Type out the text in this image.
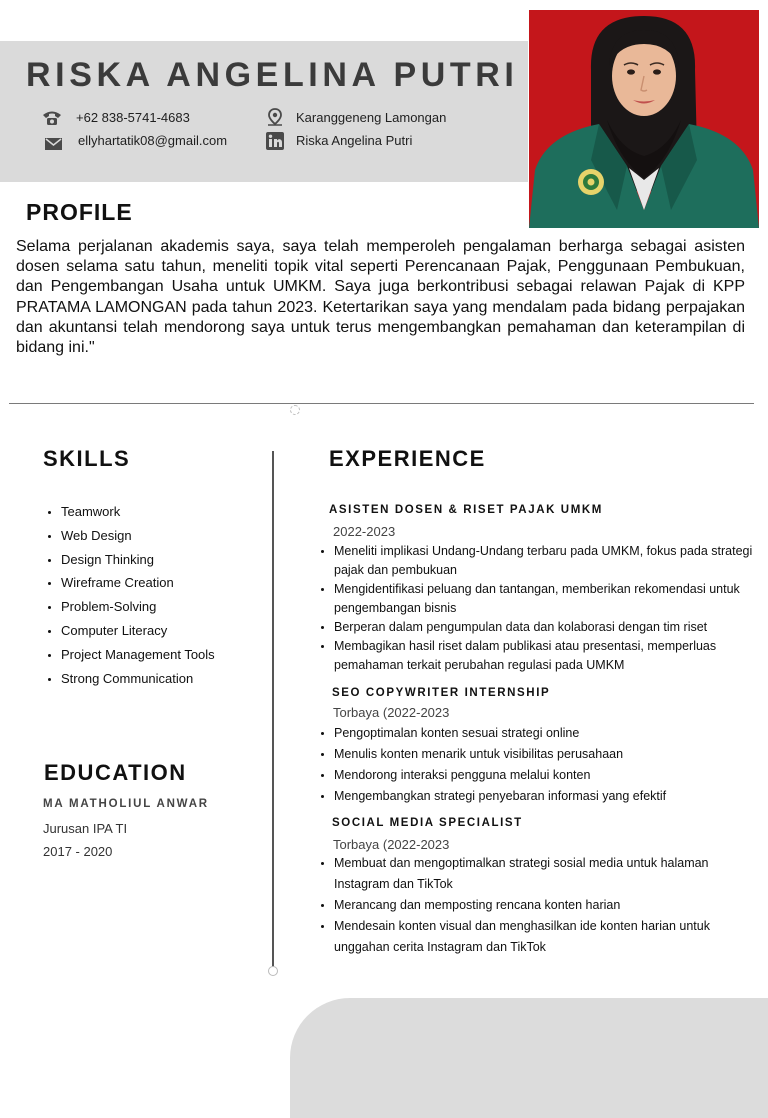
RISKA ANGELINA PUTRI
+62 838-5741-4683
ellyhartatik08@gmail.com
Karanggeneng Lamongan
Riska Angelina Putri
PROFILE

Selama perjalanan akademis saya, saya telah memperoleh pengalaman berharga sebagai asisten dosen selama satu tahun, meneliti topik vital seperti Perencanaan Pajak, Penggunaan Pembukuan, dan Pengembangan Usaha untuk UMKM. Saya juga berkontribusi sebagai relawan Pajak di KPP PRATAMA LAMONGAN pada tahun 2023. Ketertarikan saya yang mendalam pada bidang perpajakan dan akuntansi telah mendorong saya untuk terus mengembangkan pemahaman dan keterampilan di bidang ini."

SKILLS
• Teamwork
• Web Design
• Design Thinking
• Wireframe Creation
• Problem-Solving
• Computer Literacy
• Project Management Tools
• Strong Communication
EDUCATION
MA MATHOLIUL ANWAR
Jurusan IPA TI
2017 - 2020
EXPERIENCE
ASISTEN DOSEN & RISET PAJAK UMKM
2022-2023
• Meneliti implikasi Undang-Undang terbaru pada UMKM, fokus pada strategi pajak dan pembukuan
• Mengidentifikasi peluang dan tantangan, memberikan rekomendasi untuk pengembangan bisnis
• Berperan dalam pengumpulan data dan kolaborasi dengan tim riset
• Membagikan hasil riset dalam publikasi atau presentasi, memperluas pemahaman terkait perubahan regulasi pada UMKM
SEO COPYWRITER INTERNSHIP
Torbaya (2022-2023
• Pengoptimalan konten sesuai strategi online
• Menulis konten menarik untuk visibilitas perusahaan
• Mendorong interaksi pengguna melalui konten
• Mengembangkan strategi penyebaran informasi yang efektif
SOCIAL MEDIA SPECIALIST
Torbaya (2022-2023
• Membuat dan mengoptimalkan strategi sosial media untuk halaman Instagram dan TikTok
• Merancang dan memposting rencana konten harian
• Mendesain konten visual dan menghasilkan ide konten harian untuk unggahan cerita Instagram dan TikTok
